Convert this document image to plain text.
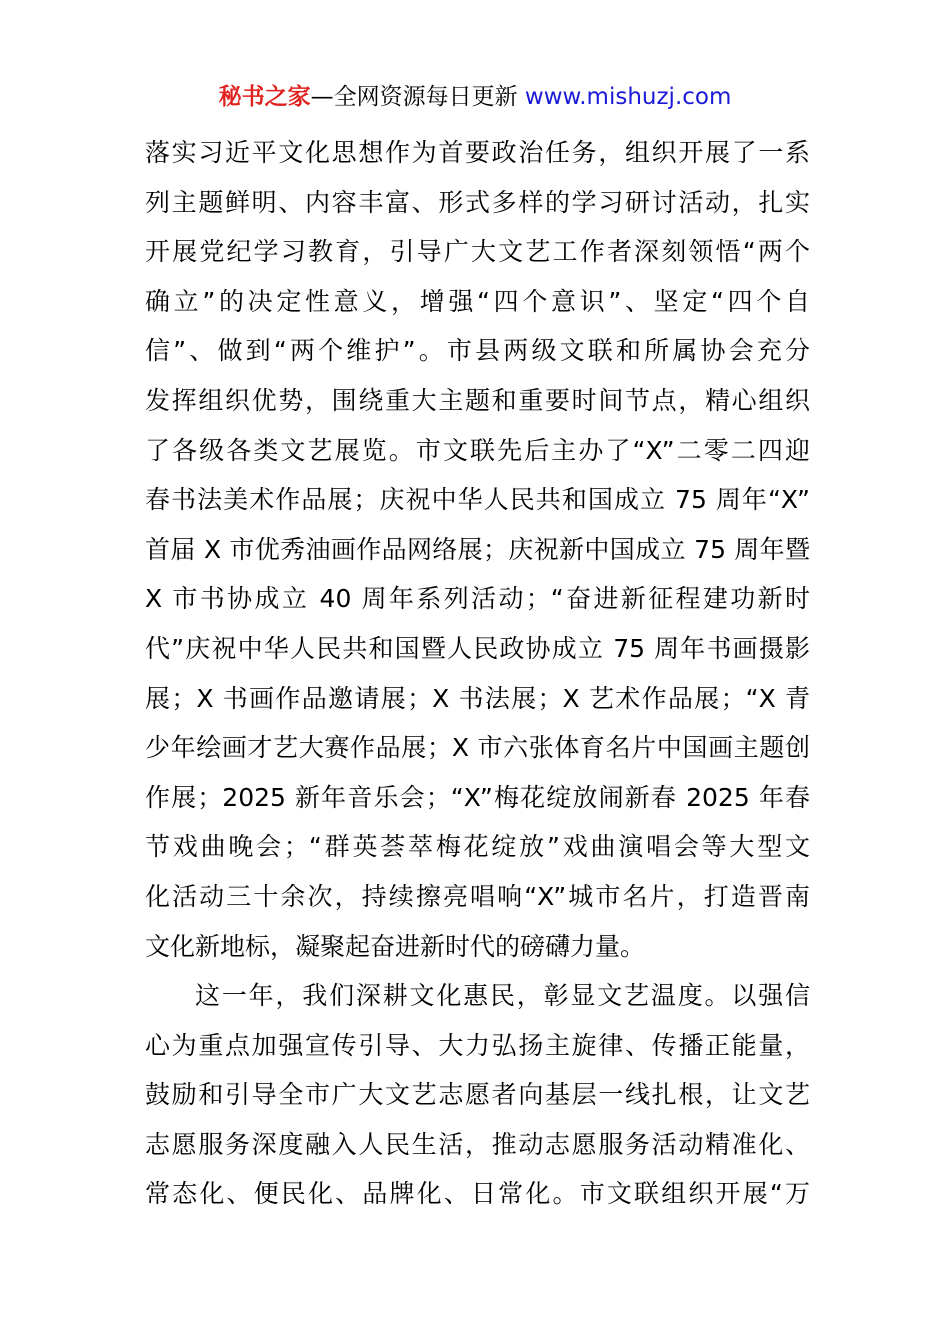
秘书之家—全网资源每日更新 www.mishuzj.com
落实习近平文化思想作为首要政治任务，组织开展了一系
列主题鲜明、内容丰富、形式多样的学习研讨活动，扎实
开展党纪学习教育，引导广大文艺工作者深刻领悟“两个
确立”的决定性意义，增强“四个意识”、坚定“四个自
信”、做到“两个维护”。市县两级文联和所属协会充分
发挥组织优势，围绕重大主题和重要时间节点，精心组织
了各级各类文艺展览。市文联先后主办了“X”二零二四迎
春书法美术作品展；庆祝中华人民共和国成立 75 周年“X”
首届 X 市优秀油画作品网络展；庆祝新中国成立 75 周年暨
X 市书协成立 40 周年系列活动；“奋进新征程建功新时
代”庆祝中华人民共和国暨人民政协成立 75 周年书画摄影
展；X 书画作品邀请展；X 书法展；X 艺术作品展；“X 青
少年绘画才艺大赛作品展；X 市六张体育名片中国画主题创
作展；2025 新年音乐会；“X”梅花绽放闹新春 2025 年春
节戏曲晚会；“群英荟萃梅花绽放”戏曲演唱会等大型文
化活动三十余次，持续擦亮唱响“X”城市名片，打造晋南
文化新地标，凝聚起奋进新时代的磅礴力量。
这一年，我们深耕文化惠民，彰显文艺温度。以强信
心为重点加强宣传引导、大力弘扬主旋律、传播正能量，
鼓励和引导全市广大文艺志愿者向基层一线扎根，让文艺
志愿服务深度融入人民生活，推动志愿服务活动精准化、
常态化、便民化、品牌化、日常化。市文联组织开展“万
